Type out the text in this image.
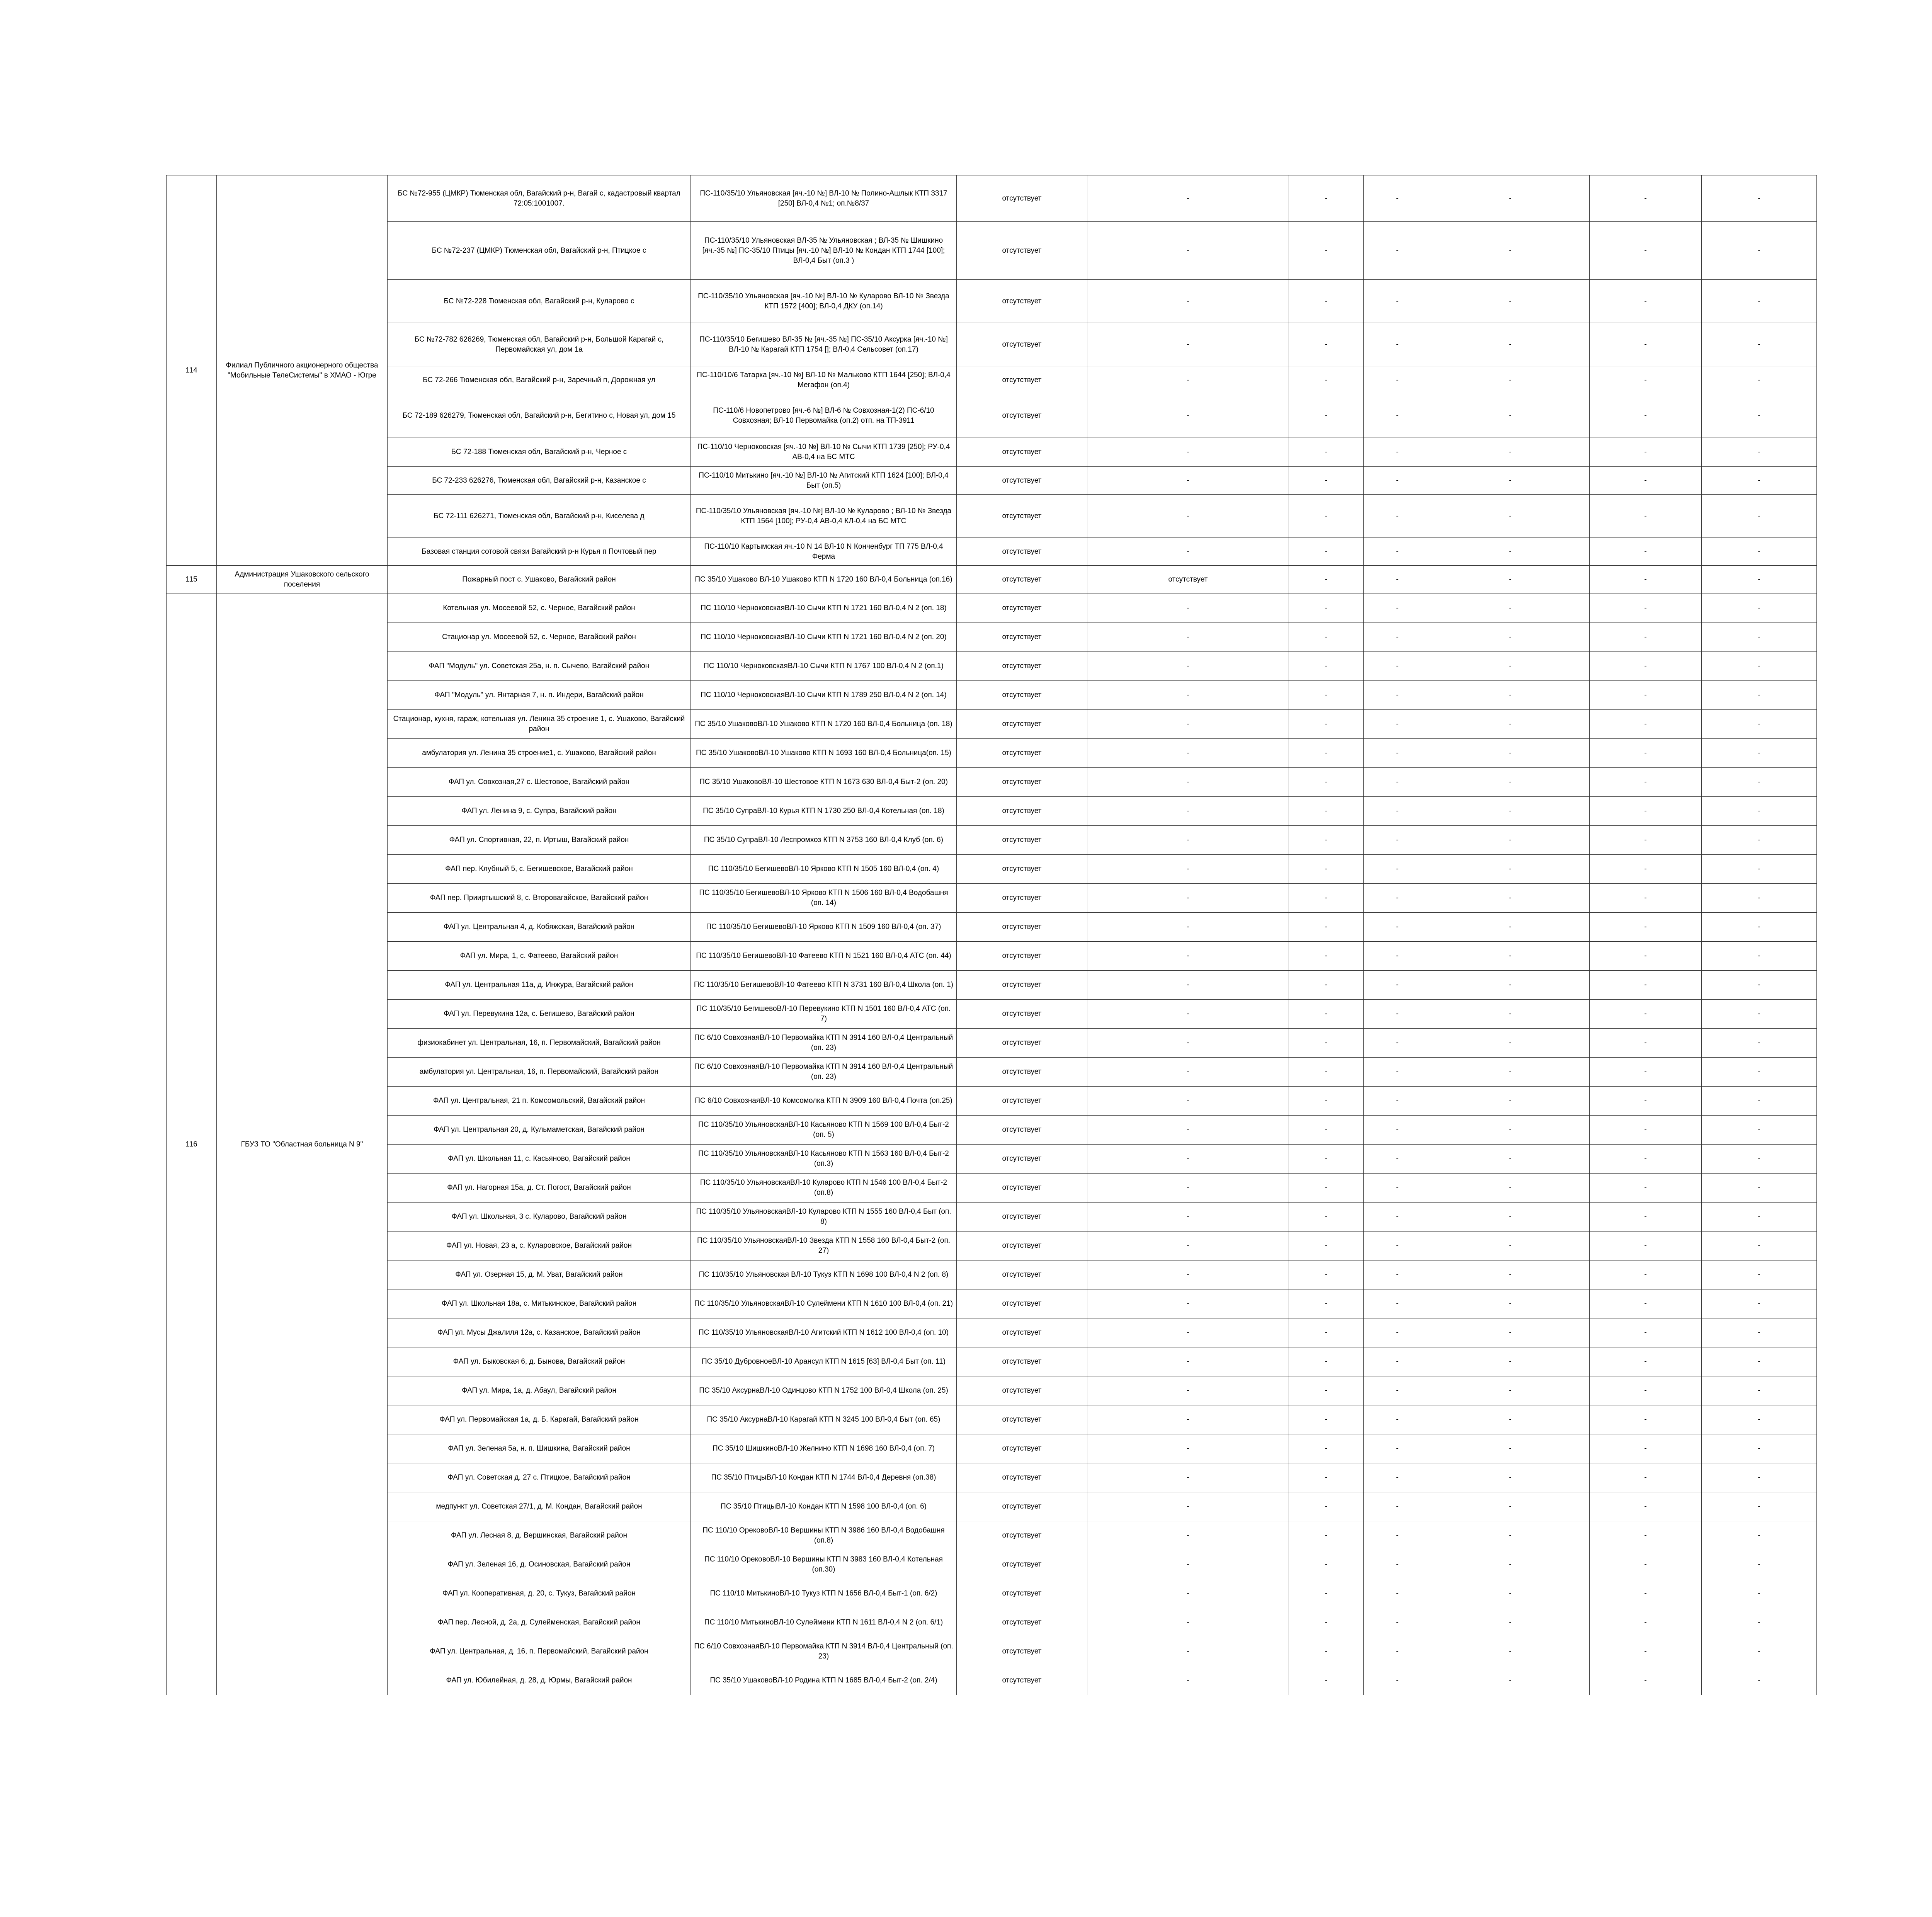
114	Филиал Публичного акционерного общества "Мобильные ТелеСистемы" в ХМАО - Югре	БС №72-955 (ЦМКР) Тюменская обл, Вагайский р-н, Вагай с, кадастровый квартал 72:05:1001007.	ПС-110/35/10 Ульяновская [яч.-10 №] ВЛ-10 № Полино-Ашлык КТП 3317 [250] ВЛ-0,4 №1; оп.№8/37	отсутствует	-	-	-	-	-	-
		БС №72-237 (ЦМКР) Тюменская обл, Вагайский р-н, Птицкое с	ПС-110/35/10 Ульяновская ВЛ-35 № Ульяновская ; ВЛ-35 № Шишкино [яч.-35 №] ПС-35/10 Птицы [яч.-10 №] ВЛ-10 № Кондан КТП 1744 [100]; ВЛ-0,4 Быт (оп.3 )	отсутствует	-	-	-	-	-	-
		БС №72-228 Тюменская обл, Вагайский р-н, Куларово с	ПС-110/35/10 Ульяновская [яч.-10 №] ВЛ-10 № Куларово ВЛ-10 № Звезда КТП 1572 [400]; ВЛ-0,4 ДКУ (оп.14)	отсутствует	-	-	-	-	-	-
		БС №72-782 626269, Тюменская обл, Вагайский р-н, Большой Карагай с, Первомайская ул, дом 1а	ПС-110/35/10 Бегишево ВЛ-35 № [яч.-35 №] ПС-35/10 Аксурка [яч.-10 №] ВЛ-10 № Карагай КТП 1754 []; ВЛ-0,4 Сельсовет (оп.17)	отсутствует	-	-	-	-	-	-
		БС 72-266 Тюменская обл, Вагайский р-н, Заречный п, Дорожная ул	ПС-110/10/6 Татарка [яч.-10 №] ВЛ-10 № Мальково КТП 1644 [250]; ВЛ-0,4 Мегафон (оп.4)	отсутствует	-	-	-	-	-	-
		БС 72-189 626279, Тюменская обл, Вагайский р-н, Бегитино с, Новая ул, дом 15	ПС-110/6 Новопетрово [яч.-6 №] ВЛ-6 № Совхозная-1(2) ПС-6/10 Совхозная; ВЛ-10 Первомайка (оп.2) отп. на ТП-3911	отсутствует	-	-	-	-	-	-
		БС 72-188 Тюменская обл, Вагайский р-н, Черное с	ПС-110/10 Черноковская [яч.-10 №] ВЛ-10 № Сычи КТП 1739 [250]; РУ-0,4 АВ-0,4 на БС МТС	отсутствует	-	-	-	-	-	-
		БС 72-233 626276, Тюменская обл, Вагайский р-н, Казанское с	ПС-110/10 Митькино [яч.-10 №] ВЛ-10 № Агитский КТП 1624 [100]; ВЛ-0,4 Быт (оп.5)	отсутствует	-	-	-	-	-	-
		БС 72-111 626271, Тюменская обл, Вагайский р-н, Киселева д	ПС-110/35/10 Ульяновская [яч.-10 №] ВЛ-10 № Куларово ; ВЛ-10 № Звезда КТП 1564 [100]; РУ-0,4 АВ-0,4 КЛ-0,4 на БС МТС	отсутствует	-	-	-	-	-	-
		Базовая станция сотовой связи Вагайский р-н Курья п Почтовый пер	ПС-110/10 Картымская яч.-10 N 14 ВЛ-10 N Конченбург ТП 775 ВЛ-0,4 Ферма	отсутствует	-	-	-	-	-	-
115	Администрация Ушаковского сельского поселения	Пожарный пост с. Ушаково, Вагайский район	ПС 35/10 Ушаково ВЛ-10 Ушаково КТП N 1720 160 ВЛ-0,4 Больница (оп.16)	отсутствует	отсутствует	-	-	-	-	-
116	ГБУЗ ТО "Областная больница N 9"	Котельная ул. Мосеевой 52, с. Черное, Вагайский район	ПС 110/10 ЧерноковскаяВЛ-10 Сычи КТП N 1721 160 ВЛ-0,4 N 2 (оп. 18)	отсутствует	-	-	-	-	-	-
		Стационар ул. Мосеевой 52, с. Черное, Вагайский район	ПС 110/10 ЧерноковскаяВЛ-10 Сычи КТП N 1721 160 ВЛ-0,4 N 2 (оп. 20)	отсутствует	-	-	-	-	-	-
		ФАП "Модуль" ул. Советская 25а, н. п. Сычево, Вагайский район	ПС 110/10 ЧерноковскаяВЛ-10 Сычи КТП N 1767 100 ВЛ-0,4 N 2 (оп.1)	отсутствует	-	-	-	-	-	-
		ФАП "Модуль" ул. Янтарная 7, н. п. Индери, Вагайский район	ПС 110/10 ЧерноковскаяВЛ-10 Сычи КТП N 1789 250 ВЛ-0,4 N 2 (оп. 14)	отсутствует	-	-	-	-	-	-
		Стационар, кухня, гараж, котельная ул. Ленина 35 строение 1, с. Ушаково, Вагайский район	ПС 35/10 УшаковоВЛ-10 Ушаково КТП N 1720 160 ВЛ-0,4 Больница (оп. 18)	отсутствует	-	-	-	-	-	-
		амбулатория ул. Ленина 35 строение1, с. Ушаково, Вагайский район	ПС 35/10 УшаковоВЛ-10 Ушаково КТП N 1693 160 ВЛ-0,4 Больница(оп. 15)	отсутствует	-	-	-	-	-	-
		ФАП ул. Совхозная,27 с. Шестовое, Вагайский район	ПС 35/10 УшаковоВЛ-10 Шестовое КТП N 1673 630 ВЛ-0,4 Быт-2 (оп. 20)	отсутствует	-	-	-	-	-	-
		ФАП ул. Ленина 9, с. Супра, Вагайский район	ПС 35/10 СупраВЛ-10 Курья КТП N 1730 250 ВЛ-0,4 Котельная (оп. 18)	отсутствует	-	-	-	-	-	-
		ФАП ул. Спортивная, 22, п. Иртыш, Вагайский район	ПС 35/10 СупраВЛ-10 Леспромхоз КТП N 3753 160 ВЛ-0,4 Клуб (оп. 6)	отсутствует	-	-	-	-	-	-
		ФАП пер. Клубный 5, с. Бегишевское, Вагайский район	ПС 110/35/10 БегишевоВЛ-10 Ярково КТП N 1505 160 ВЛ-0,4 (оп. 4)	отсутствует	-	-	-	-	-	-
		ФАП пер. Прииртышский 8, с. Второвагайское, Вагайский район	ПС 110/35/10 БегишевоВЛ-10 Ярково КТП N 1506 160 ВЛ-0,4 Водобашня (оп. 14)	отсутствует	-	-	-	-	-	-
		ФАП ул. Центральная 4, д. Кобяжская, Вагайский район	ПС 110/35/10 БегишевоВЛ-10 Ярково КТП N 1509 160 ВЛ-0,4 (оп. 37)	отсутствует	-	-	-	-	-	-
		ФАП ул. Мира, 1, с. Фатеево, Вагайский район	ПС 110/35/10 БегишевоВЛ-10 Фатеево КТП N 1521 160 ВЛ-0,4 АТС (оп. 44)	отсутствует	-	-	-	-	-	-
		ФАП ул. Центральная 11а, д. Инжура, Вагайский район	ПС 110/35/10 БегишевоВЛ-10 Фатеево КТП N 3731 160 ВЛ-0,4 Школа (оп. 1)	отсутствует	-	-	-	-	-	-
		ФАП ул. Перевукина 12а, с. Бегишево, Вагайский район	ПС 110/35/10 БегишевоВЛ-10 Перевукино КТП N 1501 160 ВЛ-0,4 АТС (оп. 7)	отсутствует	-	-	-	-	-	-
		физиокабинет ул. Центральная, 16, п. Первомайский, Вагайский район	ПС 6/10 СовхознаяВЛ-10 Первомайка КТП N 3914 160 ВЛ-0,4 Центральный (оп. 23)	отсутствует	-	-	-	-	-	-
		амбулатория ул. Центральная, 16, п. Первомайский, Вагайский район	ПС 6/10 СовхознаяВЛ-10 Первомайка КТП N 3914 160 ВЛ-0,4 Центральный (оп. 23)	отсутствует	-	-	-	-	-	-
		ФАП ул. Центральная, 21 п. Комсомольский, Вагайский район	ПС 6/10 СовхознаяВЛ-10 Комсомолка КТП N 3909 160 ВЛ-0,4 Почта (оп.25)	отсутствует	-	-	-	-	-	-
		ФАП ул. Центральная 20, д. Кульмаметская, Вагайский район	ПС 110/35/10 УльяновскаяВЛ-10 Касьяново КТП N 1569 100 ВЛ-0,4 Быт-2 (оп. 5)	отсутствует	-	-	-	-	-	-
		ФАП ул. Школьная 11, с. Касьяново, Вагайский район	ПС 110/35/10 УльяновскаяВЛ-10 Касьяново КТП N 1563 160 ВЛ-0,4 Быт-2 (оп.3)	отсутствует	-	-	-	-	-	-
		ФАП ул. Нагорная 15а, д. Ст. Погост, Вагайский район	ПС 110/35/10 УльяновскаяВЛ-10 Куларово КТП N 1546 100 ВЛ-0,4 Быт-2 (оп.8)	отсутствует	-	-	-	-	-	-
		ФАП ул. Школьная, 3 с. Куларово, Вагайский район	ПС 110/35/10 УльяновскаяВЛ-10 Куларово КТП N 1555 160 ВЛ-0,4 Быт (оп. 8)	отсутствует	-	-	-	-	-	-
		ФАП ул. Новая, 23 а, с. Куларовское, Вагайский район	ПС 110/35/10 УльяновскаяВЛ-10 Звезда КТП N 1558 160 ВЛ-0,4 Быт-2 (оп. 27)	отсутствует	-	-	-	-	-	-
		ФАП ул. Озерная 15, д. М. Уват, Вагайский район	ПС 110/35/10 Ульяновская ВЛ-10 Тукуз КТП N 1698 100 ВЛ-0,4 N 2 (оп. 8)	отсутствует	-	-	-	-	-	-
		ФАП ул. Школьная 18а, с. Митькинское, Вагайский район	ПС 110/35/10 УльяновскаяВЛ-10 Сулеймени КТП N 1610 100 ВЛ-0,4 (оп. 21)	отсутствует	-	-	-	-	-	-
		ФАП ул. Мусы Джалиля 12а, с. Казанское, Вагайский район	ПС 110/35/10 УльяновскаяВЛ-10 Агитский КТП N 1612 100 ВЛ-0,4 (оп. 10)	отсутствует	-	-	-	-	-	-
		ФАП ул. Быковская 6, д. Бынова, Вагайский район	ПС 35/10 ДубровноеВЛ-10 Арансул КТП N 1615 [63] ВЛ-0,4 Быт (оп. 11)	отсутствует	-	-	-	-	-	-
		ФАП ул. Мира, 1а, д. Абаул, Вагайский район	ПС 35/10 АксурнаВЛ-10 Одинцово КТП N 1752 100 ВЛ-0,4 Школа (оп. 25)	отсутствует	-	-	-	-	-	-
		ФАП ул. Первомайская 1а, д. Б. Карагай, Вагайский район	ПС 35/10 АксурнаВЛ-10 Карагай КТП N 3245 100 ВЛ-0,4 Быт (оп. 65)	отсутствует	-	-	-	-	-	-
		ФАП ул. Зеленая 5а, н. п. Шишкина, Вагайский район	ПС 35/10 ШишкиноВЛ-10 Желнино КТП N 1698 160 ВЛ-0,4 (оп. 7)	отсутствует	-	-	-	-	-	-
		ФАП ул. Советская д. 27 с. Птицкое, Вагайский район	ПС 35/10 ПтицыВЛ-10 Кондан КТП N 1744 ВЛ-0,4 Деревня (оп.38)	отсутствует	-	-	-	-	-	-
		медпункт ул. Советская 27/1, д. М. Кондан, Вагайский район	ПС 35/10 ПтицыВЛ-10 Кондан КТП N 1598 100 ВЛ-0,4 (оп. 6)	отсутствует	-	-	-	-	-	-
		ФАП ул. Лесная 8, д. Вершинская, Вагайский район	ПС 110/10 ОрековоВЛ-10 Вершины КТП N 3986 160 ВЛ-0,4 Водобашня (оп.8)	отсутствует	-	-	-	-	-	-
		ФАП ул. Зеленая 16, д. Осиновская, Вагайский район	ПС 110/10 ОрековоВЛ-10 Вершины КТП N 3983 160 ВЛ-0,4 Котельная (оп.30)	отсутствует	-	-	-	-	-	-
		ФАП ул. Кооперативная, д. 20, с. Тукуз, Вагайский район	ПС 110/10 МитькиноВЛ-10 Тукуз КТП N 1656 ВЛ-0,4 Быт-1 (оп. 6/2)	отсутствует	-	-	-	-	-	-
		ФАП пер. Лесной, д. 2а, д. Сулейменская, Вагайский район	ПС 110/10 МитькиноВЛ-10 Сулеймени КТП N 1611 ВЛ-0,4 N 2 (оп. 6/1)	отсутствует	-	-	-	-	-	-
		ФАП ул. Центральная, д. 16, п. Первомайский, Вагайский район	ПС 6/10 СовхознаяВЛ-10 Первомайка КТП N 3914 ВЛ-0,4 Центральный (оп. 23)	отсутствует	-	-	-	-	-	-
		ФАП ул. Юбилейная, д. 28, д. Юрмы, Вагайский район	ПС 35/10 УшаковоВЛ-10 Родина КТП N 1685 ВЛ-0,4 Быт-2 (оп. 2/4)	отсутствует	-	-	-	-	-	-
